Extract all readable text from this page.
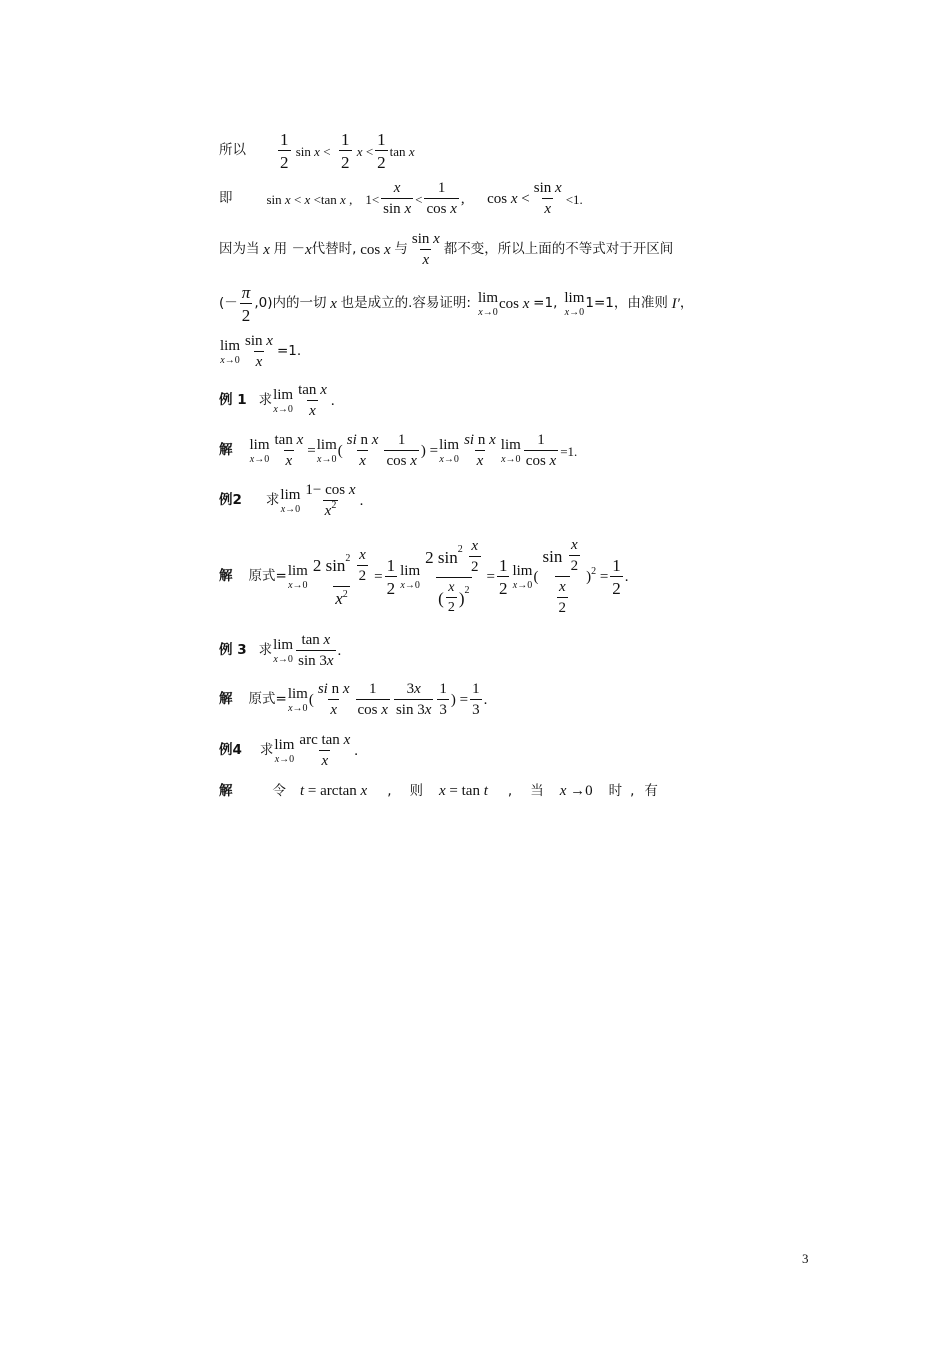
所以
1
2
sin x <
1
2
x <
1
2
tan x
即	sin x < x <tan x ,    1<
x
sin x
<
1
cos x
,      cos x <
sin x
x
<1.
因为当 x 用 － x 代替时, cos x 与
sin x
x
都不变，所以上面的不等式对于开区间
(－
π
2
,0)内的一切 x 也是成立的.容易证明: lim
x→0
cos x =1, lim
x→0
1=1，由准则 I′ ，
lim
$x\to 0 \frac{\text{sin x}}{x} =1$.
例 1 求 lim
x→0
tan x
x
.
解 lim
$x\to 0 \frac{\text{tan x}}{x} = \lim$
x→0
(
si n x
x
1
cos x
) = lim
x→0
si n x
x
lim
$x\to 0 \frac{1}{\text{cos x}} =1$.
例2 求 lim
x→0
1− cos x
$x^2$ .
解 原式= lim
x→0 2 sin 2
x
2
$x^2 = \frac{1}{2}$ lim
x→0 2 sin 2
x
2
(
x
2 ) $2 = \frac{1}{2}$ lim
x→0
(
sin
x
2
$\frac{x}{2}$
)$^2 = \frac{1}{2}$ .
例 3 求 lim
x→0
tan x
sin 3x
.
解 原式= lim
x→0
(
si n x
x
1
cos x
3x
sin 3x
1
3
) = $\frac{1}{3}$ .
例4 求 lim
x→0
arc tan x
x
.
解	令 t = arctan x , 则 x = tan t , 当 x →0 时 , 有
3
